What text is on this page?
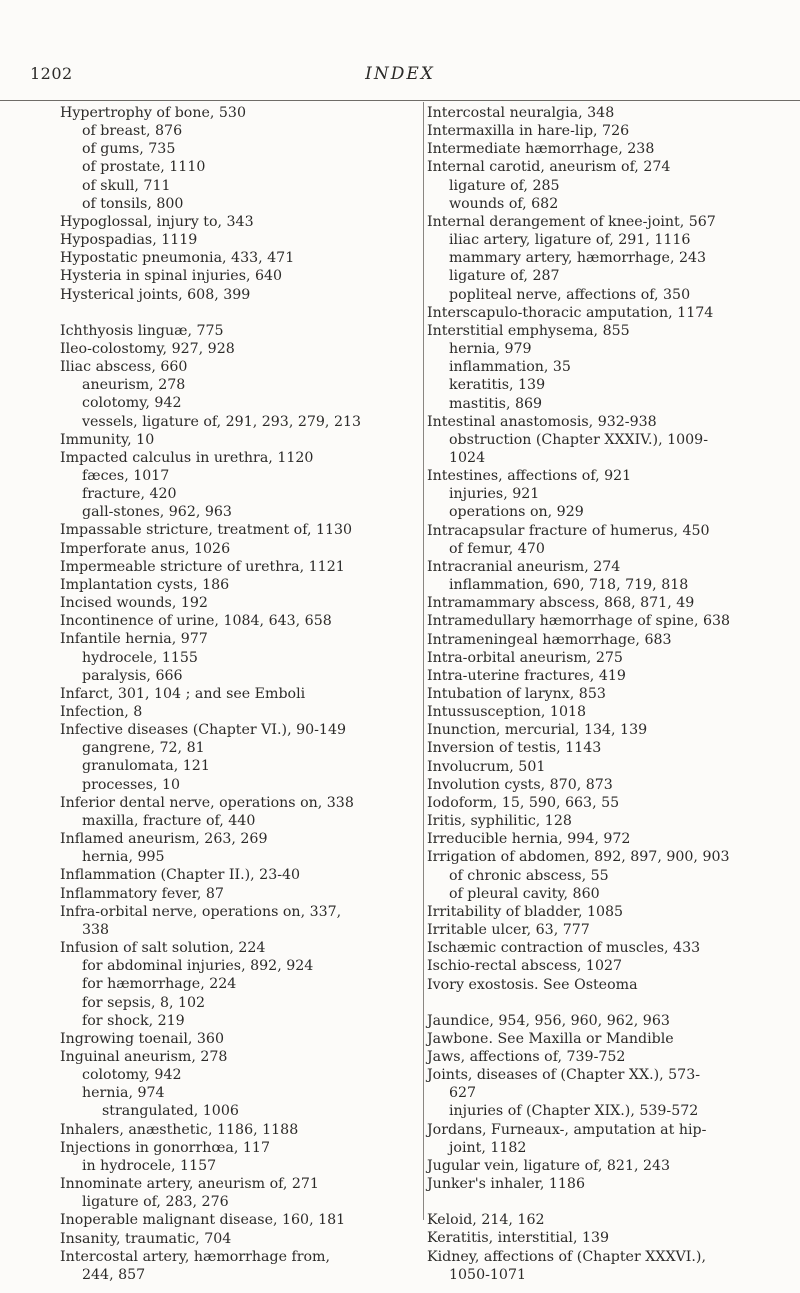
1202	INDEX
Hypertrophy of bone, 530
of breast, 876
of gums, 735
of prostate, 1110
of skull, 711
of tonsils, 800
Hypoglossal, injury to, 343
Hypospadias, 1119
Hypostatic pneumonia, 433, 471
Hysteria in spinal injuries, 640
Hysterical joints, 608, 399
Ichthyosis linguæ, 775
Ileo-colostomy, 927, 928
Iliac abscess, 660
aneurism, 278
colotomy, 942
vessels, ligature of, 291, 293, 279, 213
Immunity, 10
Impacted calculus in urethra, 1120
fæces, 1017
fracture, 420
gall-stones, 962, 963
Impassable stricture, treatment of, 1130
Imperforate anus, 1026
Impermeable stricture of urethra, 1121
Implantation cysts, 186
Incised wounds, 192
Incontinence of urine, 1084, 643, 658
Infantile hernia, 977
hydrocele, 1155
paralysis, 666
Infarct, 301, 104 ; and see Emboli
Infection, 8
Infective diseases (Chapter VI.), 90-149
gangrene, 72, 81
granulomata, 121
processes, 10
Inferior dental nerve, operations on, 338
maxilla, fracture of, 440
Inflamed aneurism, 263, 269
hernia, 995
Inflammation (Chapter II.), 23-40
Inflammatory fever, 87
Infra-orbital nerve, operations on, 337,
338
Infusion of salt solution, 224
for abdominal injuries, 892, 924
for hæmorrhage, 224
for sepsis, 8, 102
for shock, 219
Ingrowing toenail, 360
Inguinal aneurism, 278
colotomy, 942
hernia, 974
strangulated, 1006
Inhalers, anæsthetic, 1186, 1188
Injections in gonorrhœa, 117
in hydrocele, 1157
Innominate artery, aneurism of, 271
ligature of, 283, 276
Inoperable malignant disease, 160, 181
Insanity, traumatic, 704
Intercostal artery, hæmorrhage from,
244, 857
Intercostal neuralgia, 348
Intermaxilla in hare-lip, 726
Intermediate hæmorrhage, 238
Internal carotid, aneurism of, 274
ligature of, 285
wounds of, 682
Internal derangement of knee-joint, 567
iliac artery, ligature of, 291, 1116
mammary artery, hæmorrhage, 243
ligature of, 287
popliteal nerve, affections of, 350
Interscapulo-thoracic amputation, 1174
Interstitial emphysema, 855
hernia, 979
inflammation, 35
keratitis, 139
mastitis, 869
Intestinal anastomosis, 932-938
obstruction (Chapter XXXIV.), 1009-
1024
Intestines, affections of, 921
injuries, 921
operations on, 929
Intracapsular fracture of humerus, 450
of femur, 470
Intracranial aneurism, 274
inflammation, 690, 718, 719, 818
Intramammary abscess, 868, 871, 49
Intramedullary hæmorrhage of spine, 638
Intrameningeal hæmorrhage, 683
Intra-orbital aneurism, 275
Intra-uterine fractures, 419
Intubation of larynx, 853
Intussusception, 1018
Inunction, mercurial, 134, 139
Inversion of testis, 1143
Involucrum, 501
Involution cysts, 870, 873
Iodoform, 15, 590, 663, 55
Iritis, syphilitic, 128
Irreducible hernia, 994, 972
Irrigation of abdomen, 892, 897, 900, 903
of chronic abscess, 55
of pleural cavity, 860
Irritability of bladder, 1085
Irritable ulcer, 63, 777
Ischæmic contraction of muscles, 433
Ischio-rectal abscess, 1027
Ivory exostosis. See Osteoma
Jaundice, 954, 956, 960, 962, 963
Jawbone. See Maxilla or Mandible
Jaws, affections of, 739-752
Joints, diseases of (Chapter XX.), 573-
627
injuries of (Chapter XIX.), 539-572
Jordans, Furneaux-, amputation at hip-
joint, 1182
Jugular vein, ligature of, 821, 243
Junker's inhaler, 1186
Keloid, 214, 162
Keratitis, interstitial, 139
Kidney, affections of (Chapter XXXVI.),
1050-1071
